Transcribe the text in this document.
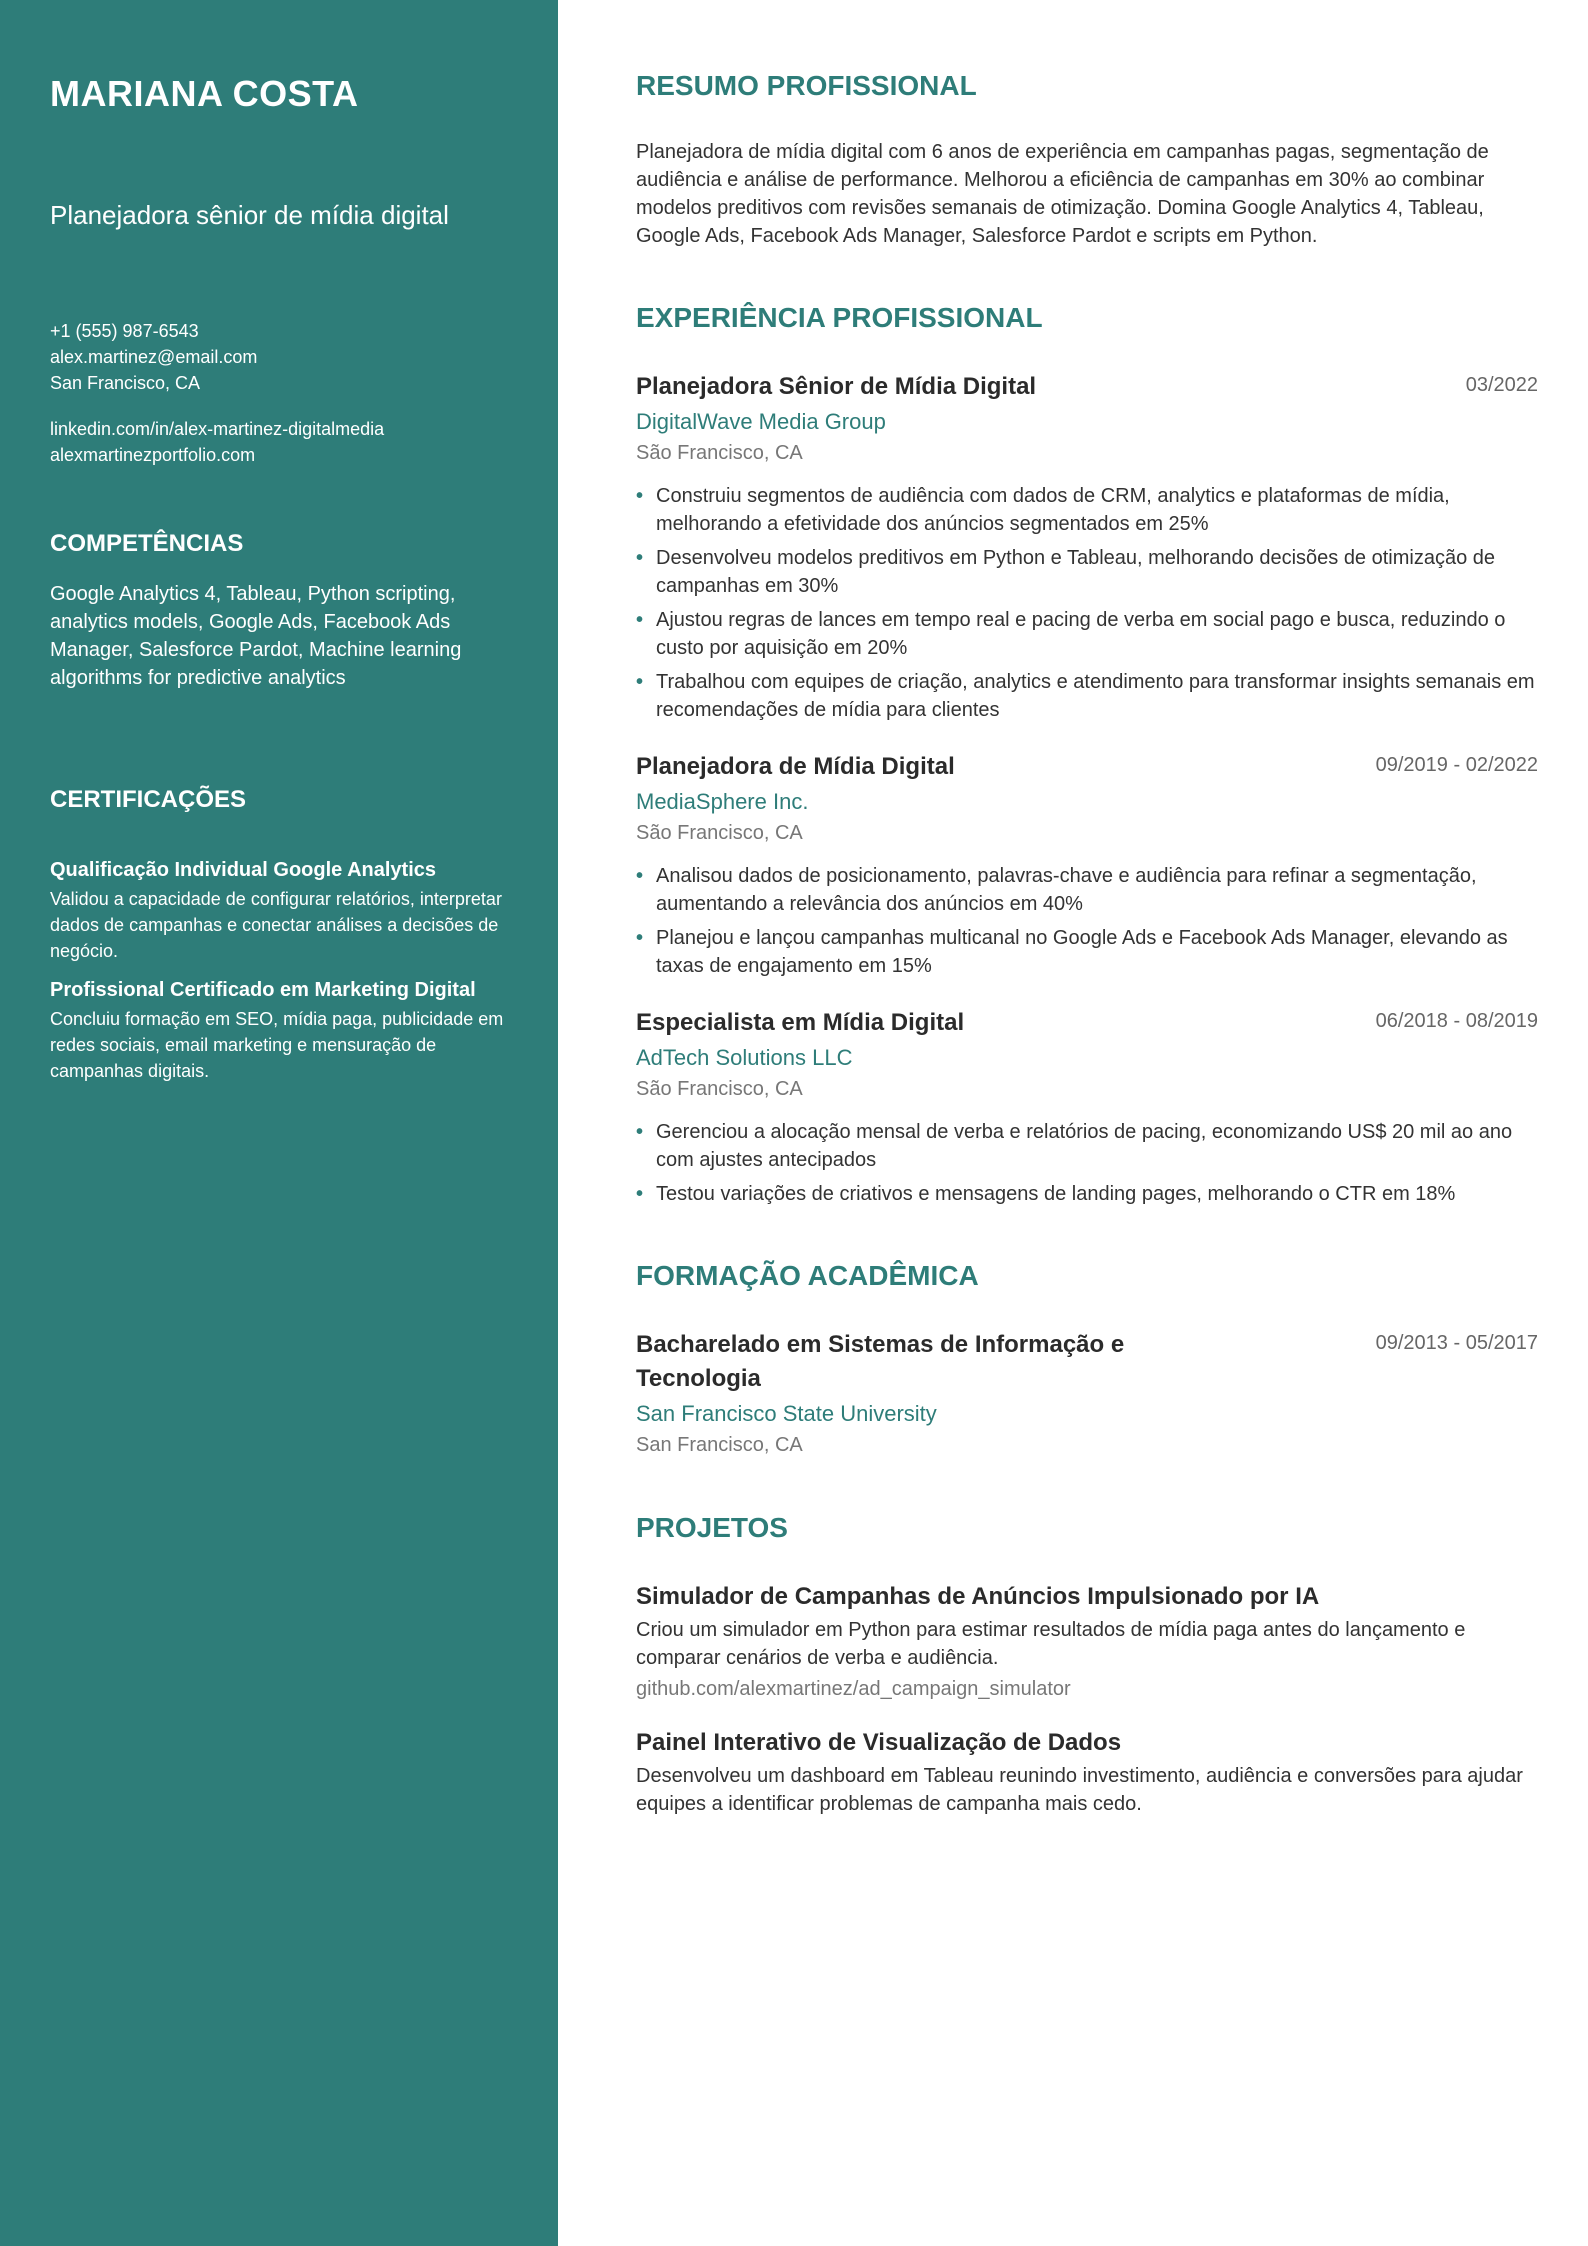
MARIANA COSTA
Planejadora sênior de mídia digital
+1 (555) 987-6543
alex.martinez@email.com
San Francisco, CA
linkedin.com/in/alex-martinez-digitalmedia
alexmartinezportfolio.com
COMPETÊNCIAS
Google Analytics 4, Tableau, Python scripting, analytics models, Google Ads, Facebook Ads Manager, Salesforce Pardot, Machine learning algorithms for predictive analytics
CERTIFICAÇÕES
Qualificação Individual Google Analytics
Validou a capacidade de configurar relatórios, interpretar dados de campanhas e conectar análises a decisões de negócio.
Profissional Certificado em Marketing Digital
Concluiu formação em SEO, mídia paga, publicidade em redes sociais, email marketing e mensuração de campanhas digitais.
RESUMO PROFISSIONAL
Planejadora de mídia digital com 6 anos de experiência em campanhas pagas, segmentação de audiência e análise de performance. Melhorou a eficiência de campanhas em 30% ao combinar modelos preditivos com revisões semanais de otimização. Domina Google Analytics 4, Tableau, Google Ads, Facebook Ads Manager, Salesforce Pardot e scripts em Python.
EXPERIÊNCIA PROFISSIONAL
Planejadora Sênior de Mídia Digital	03/2022
DigitalWave Media Group
São Francisco, CA
• Construiu segmentos de audiência com dados de CRM, analytics e plataformas de mídia, melhorando a efetividade dos anúncios segmentados em 25%
• Desenvolveu modelos preditivos em Python e Tableau, melhorando decisões de otimização de campanhas em 30%
• Ajustou regras de lances em tempo real e pacing de verba em social pago e busca, reduzindo o custo por aquisição em 20%
• Trabalhou com equipes de criação, analytics e atendimento para transformar insights semanais em recomendações de mídia para clientes
Planejadora de Mídia Digital	09/2019 - 02/2022
MediaSphere Inc.
São Francisco, CA
• Analisou dados de posicionamento, palavras-chave e audiência para refinar a segmentação, aumentando a relevância dos anúncios em 40%
• Planejou e lançou campanhas multicanal no Google Ads e Facebook Ads Manager, elevando as taxas de engajamento em 15%
Especialista em Mídia Digital	06/2018 - 08/2019
AdTech Solutions LLC
São Francisco, CA
• Gerenciou a alocação mensal de verba e relatórios de pacing, economizando US$ 20 mil ao ano com ajustes antecipados
• Testou variações de criativos e mensagens de landing pages, melhorando o CTR em 18%
FORMAÇÃO ACADÊMICA
Bacharelado em Sistemas de Informação e Tecnologia
09/2013 - 05/2017
San Francisco State University
San Francisco, CA
PROJETOS
Simulador de Campanhas de Anúncios Impulsionado por IA
Criou um simulador em Python para estimar resultados de mídia paga antes do lançamento e comparar cenários de verba e audiência.
github.com/alexmartinez/ad_campaign_simulator
Painel Interativo de Visualização de Dados
Desenvolveu um dashboard em Tableau reunindo investimento, audiência e conversões para ajudar equipes a identificar problemas de campanha mais cedo.
